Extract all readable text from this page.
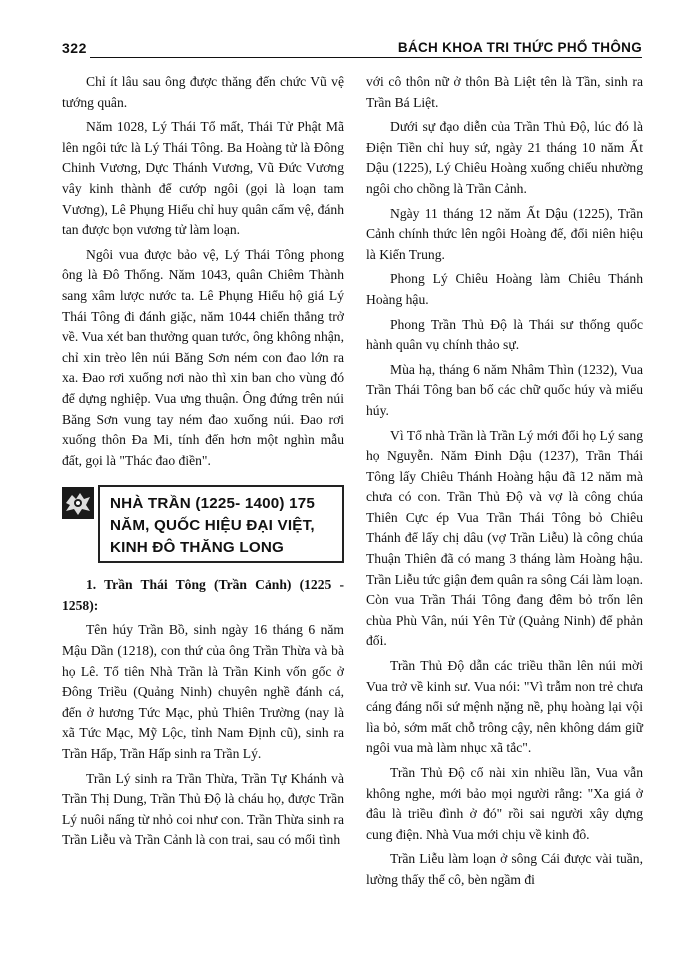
322	BÁCH KHOA TRI THỨC PHỔ THÔNG

Chỉ ít lâu sau ông được thăng đến chức Vũ vệ tướng quân.

Năm 1028, Lý Thái Tổ mất, Thái Tử Phật Mã lên ngôi tức là Lý Thái Tông. Ba Hoàng tử là Đông Chinh Vương, Dực Thánh Vương, Vũ Đức Vương vây kinh thành để cướp ngôi (gọi là loạn tam Vương), Lê Phụng Hiểu chỉ huy quân cấm vệ, đánh tan được bọn vương tử làm loạn.

Ngôi vua được bảo vệ, Lý Thái Tông phong ông là Đô Thống. Năm 1043, quân Chiêm Thành sang xâm lược nước ta. Lê Phụng Hiểu hộ giá Lý Thái Tông đi đánh giặc, năm 1044 chiến thắng trở về. Vua xét ban thưởng quan tước, ông không nhận, chỉ xin trèo lên núi Băng Sơn ném con đao lớn ra xa. Đao rơi xuống nơi nào thì xin ban cho vùng đó để dựng nghiệp. Vua ưng thuận. Ông đứng trên núi Băng Sơn vung tay ném đao xuống núi. Đao rơi xuống thôn Đa Mi, tính đến hơn một nghìn mẫu đất, gọi là "Thác đao điền".

NHÀ TRẦN (1225- 1400) 175 NĂM, QUỐC HIỆU ĐẠI VIỆT, KINH ĐÔ THĂNG LONG

1. Trần Thái Tông (Trần Cảnh) (1225 - 1258):

Tên húy Trần Bồ, sinh ngày 16 tháng 6 năm Mậu Dần (1218), con thứ của ông Trần Thừa và bà họ Lê. Tổ tiên Nhà Trần là Trần Kinh vốn gốc ở Đông Triều (Quảng Ninh) chuyên nghề đánh cá, đến ở hương Tức Mạc, phủ Thiên Trường (nay là xã Tức Mạc, Mỹ Lộc, tỉnh Nam Định cũ), sinh ra Trần Hấp, Trần Hấp sinh ra Trần Lý.

Trần Lý sinh ra Trần Thừa, Trần Tự Khánh và Trần Thị Dung, Trần Thủ Độ là cháu họ, được Trần Lý nuôi nấng từ nhỏ coi như con. Trần Thừa sinh ra Trần Liễu và Trần Cảnh là con trai, sau có mối tình

với cô thôn nữ ở thôn Bà Liệt tên là Tần, sinh ra Trần Bá Liệt.

Dưới sự đạo diễn của Trần Thủ Độ, lúc đó là Điện Tiền chỉ huy sứ, ngày 21 tháng 10 năm Ất Dậu (1225), Lý Chiêu Hoàng xuống chiếu nhường ngôi cho chồng là Trần Cảnh.

Ngày 11 tháng 12 năm Ất Dậu (1225), Trần Cảnh chính thức lên ngôi Hoàng đế, đổi niên hiệu là Kiến Trung.

Phong Lý Chiêu Hoàng làm Chiêu Thánh Hoàng hậu.

Phong Trần Thủ Độ là Thái sư thống quốc hành quân vụ chính thảo sự.

Mùa hạ, tháng 6 năm Nhâm Thìn (1232), Vua Trần Thái Tông ban bố các chữ quốc húy và miếu húy.

Vì Tổ nhà Trần là Trần Lý mới đổi họ Lý sang họ Nguyễn. Năm Đinh Dậu (1237), Trần Thái Tông lấy Chiêu Thánh Hoàng hậu đã 12 năm mà chưa có con. Trần Thủ Độ và vợ là công chúa Thiên Cực ép Vua Trần Thái Tông bỏ Chiêu Thánh để lấy chị dâu (vợ Trần Liễu) là công chúa Thuận Thiên đã có mang 3 tháng làm Hoàng hậu. Trần Liễu tức giận đem quân ra sông Cái làm loạn. Còn vua Trần Thái Tông đang đêm bỏ trốn lên chùa Phù Vân, núi Yên Tử (Quảng Ninh) để phản đối.

Trần Thủ Độ dẫn các triều thần lên núi mời Vua trở về kinh sư. Vua nói: "Vì trẫm non trẻ chưa cáng đáng nổi sứ mệnh nặng nề, phụ hoàng lại vội lìa bỏ, sớm mất chỗ trông cậy, nên không dám giữ ngôi vua mà làm nhục xã tắc".

Trần Thủ Độ cố nài xin nhiều lần, Vua vẫn không nghe, mới bảo mọi người rằng: "Xa giá ở đâu là triều đình ở đó" rồi sai người xây dựng cung điện. Nhà Vua mới chịu về kinh đô.

Trần Liễu làm loạn ở sông Cái được vài tuần, lường thấy thế cô, bèn ngầm đi
